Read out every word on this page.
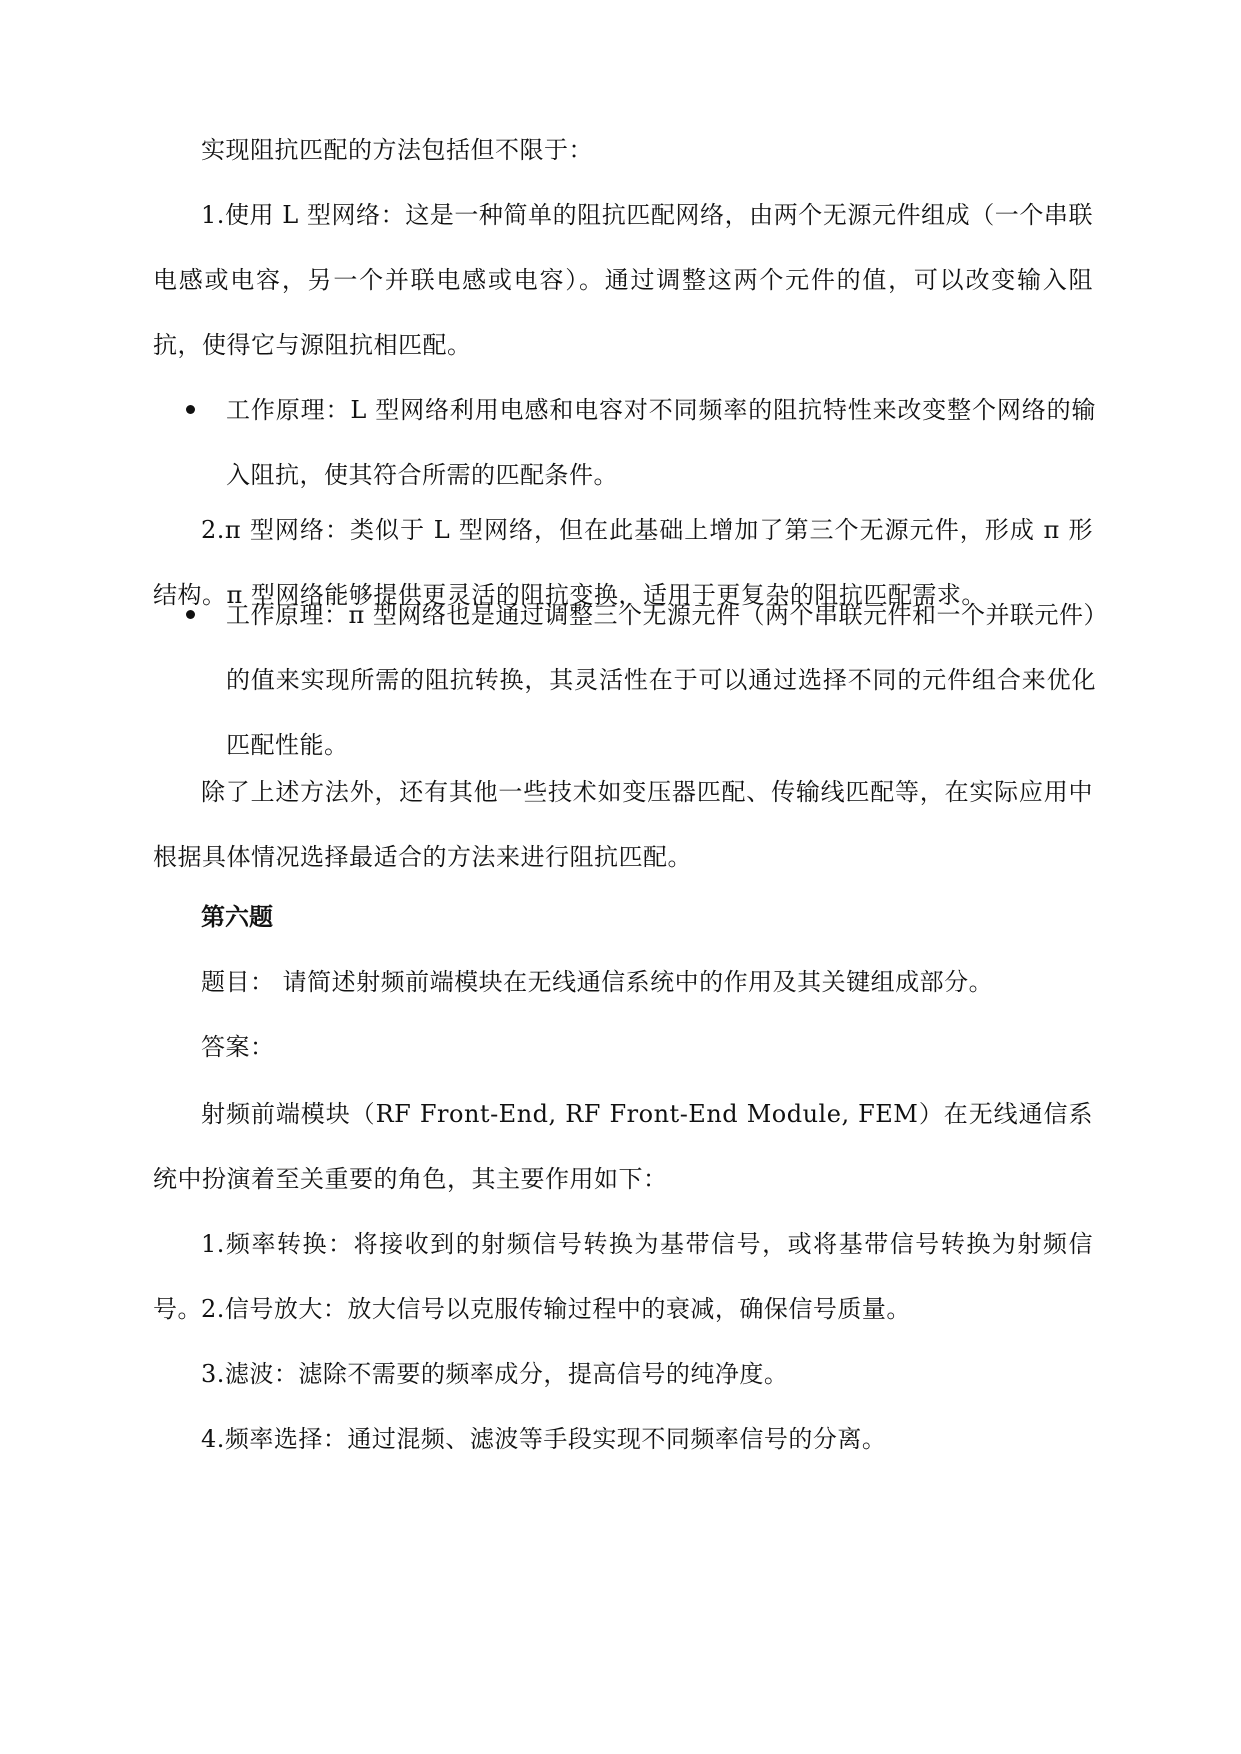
实现阻抗匹配的方法包括但不限于：

1.使用 L 型网络：这是一种简单的阻抗匹配网络，由两个无源元件组成（一个串联电感或电容，另一个并联电感或电容）。通过调整这两个元件的值，可以改变输入阻抗，使得它与源阻抗相匹配。

工作原理：L 型网络利用电感和电容对不同频率的阻抗特性来改变整个网络的输入阻抗，使其符合所需的匹配条件。

2.π 型网络：类似于 L 型网络，但在此基础上增加了第三个无源元件，形成 π 形结构。π 型网络能够提供更灵活的阻抗变换，适用于更复杂的阻抗匹配需求。

工作原理：π 型网络也是通过调整三个无源元件（两个串联元件和一个并联元件）的值来实现所需的阻抗转换，其灵活性在于可以通过选择不同的元件组合来优化匹配性能。

除了上述方法外，还有其他一些技术如变压器匹配、传输线匹配等，在实际应用中根据具体情况选择最适合的方法来进行阻抗匹配。

第六题

题目： 请简述射频前端模块在无线通信系统中的作用及其关键组成部分。

答案：

射频前端模块（RF Front-End, RF Front-End Module, FEM）在无线通信系统中扮演着至关重要的角色，其主要作用如下：

1.频率转换：将接收到的射频信号转换为基带信号，或将基带信号转换为射频信号。 2.信号放大：放大信号以克服传输过程中的衰减，确保信号质量。

3.滤波：滤除不需要的频率成分，提高信号的纯净度。

4.频率选择：通过混频、滤波等手段实现不同频率信号的分离。
